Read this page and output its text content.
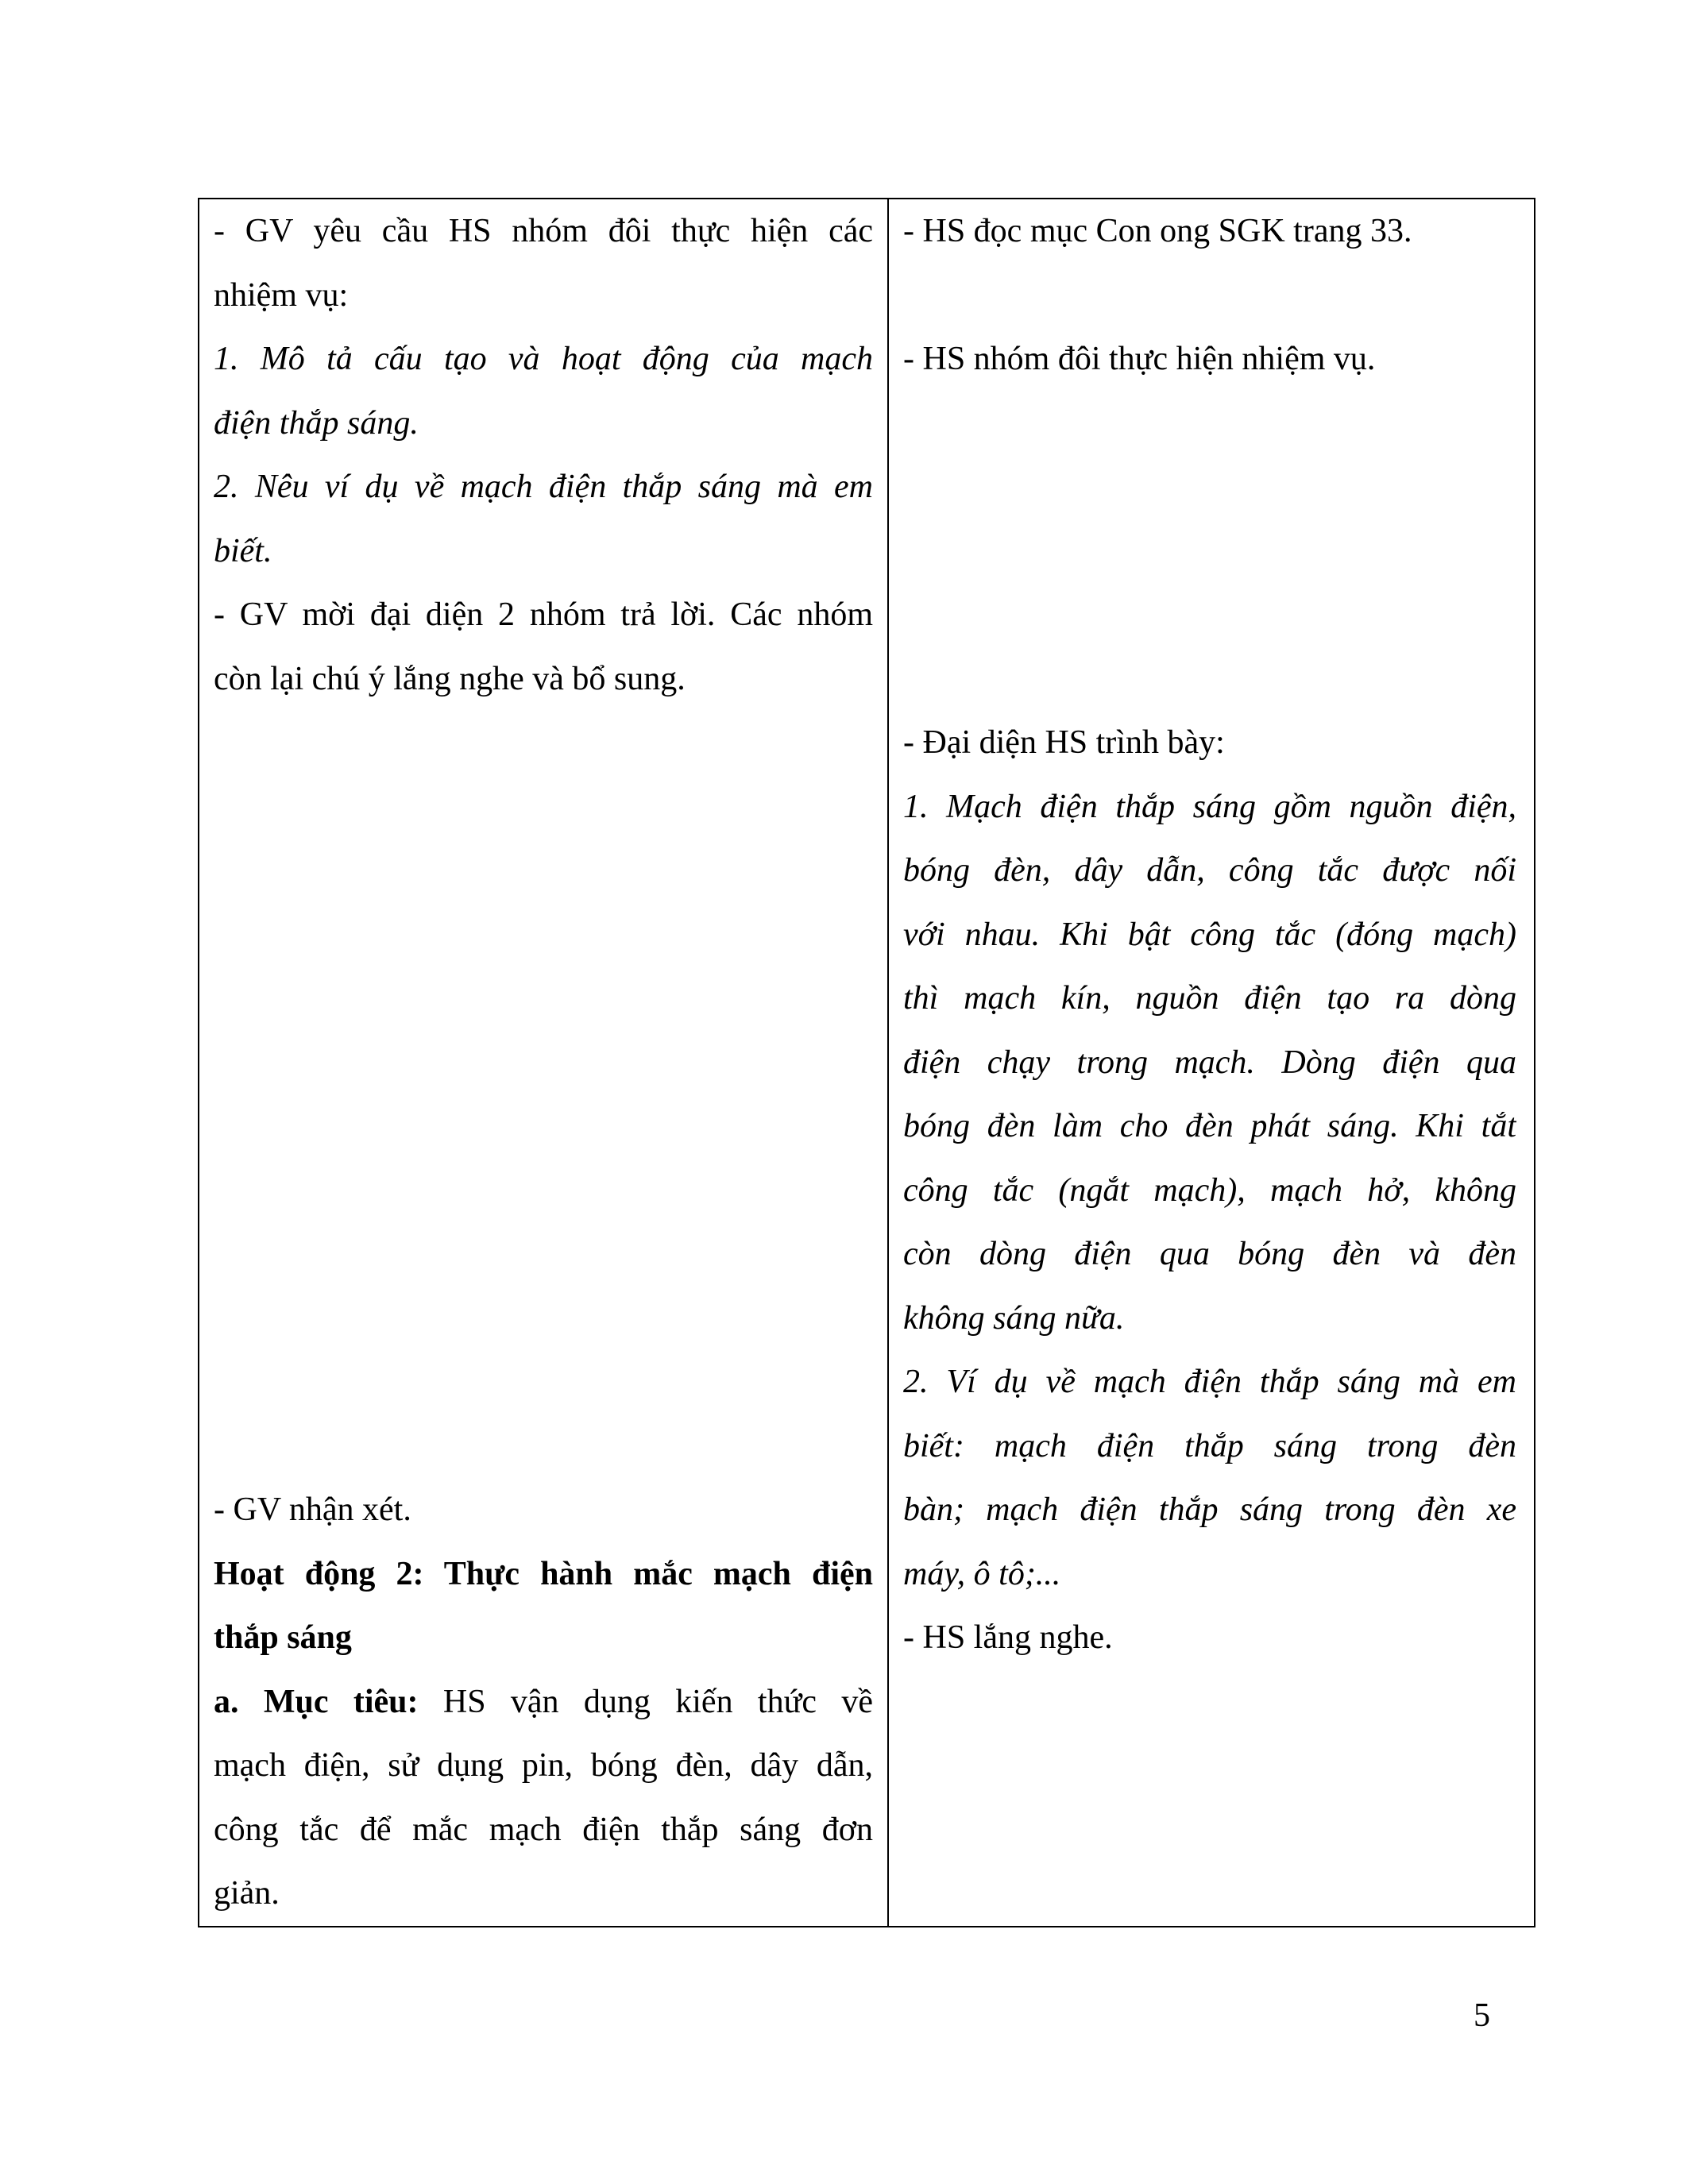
- GV yêu cầu HS nhóm đôi thực hiện các
nhiệm vụ:
1. Mô tả cấu tạo và hoạt động của mạch
điện thắp sáng.
2. Nêu ví dụ về mạch điện thắp sáng mà em
biết.
- GV mời đại diện 2 nhóm trả lời. Các nhóm
còn lại chú ý lắng nghe và bổ sung.
- GV nhận xét.
Hoạt động 2: Thực hành mắc mạch điện
thắp sáng
a. Mục tiêu: HS vận dụng kiến thức về
mạch điện, sử dụng pin, bóng đèn, dây dẫn,
công tắc để mắc mạch điện thắp sáng đơn
giản.

- HS đọc mục Con ong SGK trang 33.
- HS nhóm đôi thực hiện nhiệm vụ.
- Đại diện HS trình bày:
1. Mạch điện thắp sáng gồm nguồn điện,
bóng đèn, dây dẫn, công tắc được nối
với nhau. Khi bật công tắc (đóng mạch)
thì mạch kín, nguồn điện tạo ra dòng
điện chạy trong mạch. Dòng điện qua
bóng đèn làm cho đèn phát sáng. Khi tắt
công tắc (ngắt mạch), mạch hở, không
còn dòng điện qua bóng đèn và đèn
không sáng nữa.
2. Ví dụ về mạch điện thắp sáng mà em
biết: mạch điện thắp sáng trong đèn
bàn; mạch điện thắp sáng trong đèn xe
máy, ô tô;...
- HS lắng nghe.
5
